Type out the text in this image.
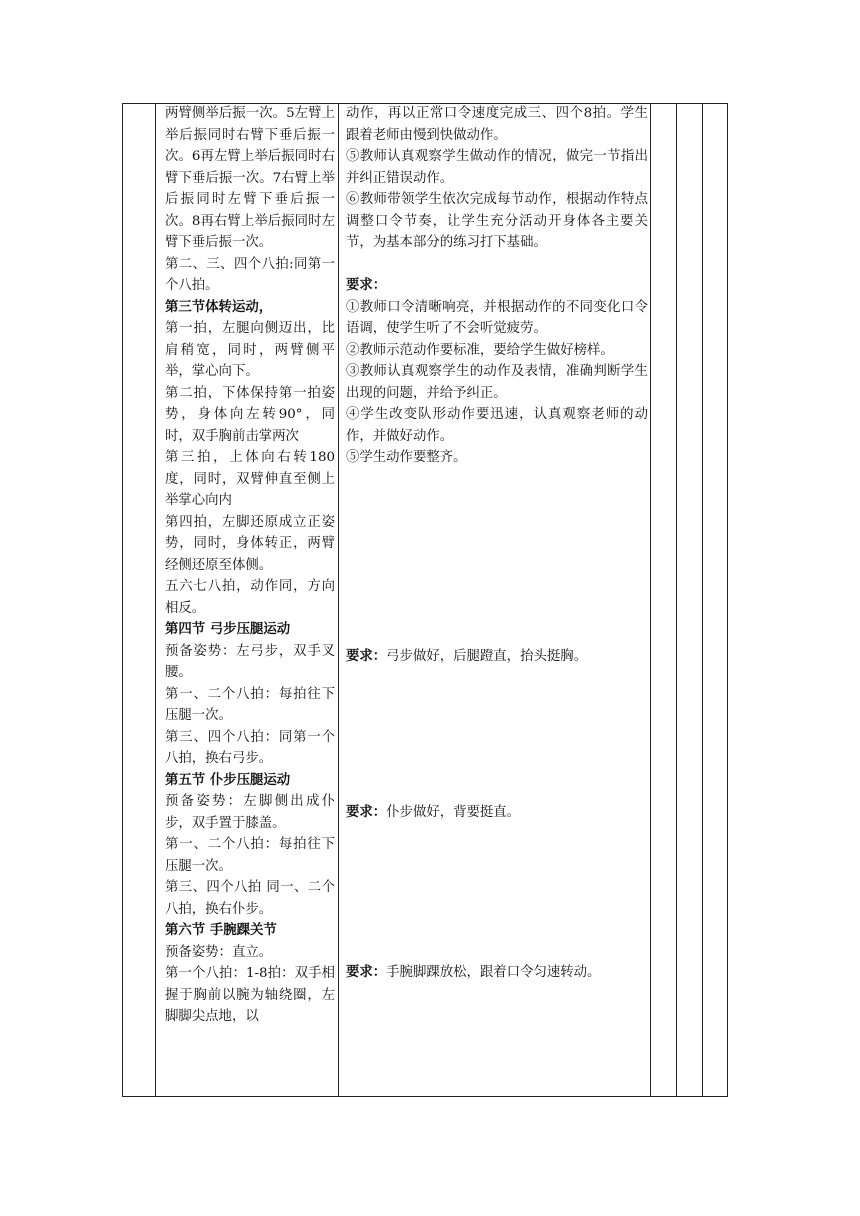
两臂侧举后振一次。5左臂上举后振同时右臂下垂后振一次。6再左臂上举后振同时右臂下垂后振一次。7右臂上举后振同时左臂下垂后振一次。8再右臂上举后振同时左臂下垂后振一次。

第二、三、四个八拍:同第一个八拍。

第三节体转运动，

第一拍，左腿向侧迈出，比肩稍宽，同时，两臂侧平举，掌心向下。

第二拍，下体保持第一拍姿势，身体向左转90°，同时，双手胸前击掌两次

第三拍，上体向右转180度，同时，双臂伸直至侧上举掌心向内

第四拍，左脚还原成立正姿势，同时，身体转正，两臂经侧还原至体侧。

五六七八拍，动作同，方向相反。

第四节 弓步压腿运动

预备姿势：左弓步，双手叉腰。

第一、二个八拍：每拍往下压腿一次。

第三、四个八拍：同第一个八拍，换右弓步。

第五节 仆步压腿运动

预备姿势：左脚侧出成仆步，双手置于膝盖。

第一、二个八拍：每拍往下压腿一次。

第三、四个八拍 同一、二个八拍，换右仆步。

第六节 手腕踝关节

预备姿势：直立。

第一个八拍：1-8拍：双手相握于胸前以腕为轴绕圈，左脚脚尖点地，以

动作，再以正常口令速度完成三、四个8拍。学生跟着老师由慢到快做动作。

⑤教师认真观察学生做动作的情况，做完一节指出并纠正错误动作。

⑥教师带领学生依次完成每节动作，根据动作特点调整口令节奏，让学生充分活动开身体各主要关节，为基本部分的练习打下基础。

要求：

①教师口令清晰响亮，并根据动作的不同变化口令语调，使学生听了不会听觉疲劳。

②教师示范动作要标准，要给学生做好榜样。

③教师认真观察学生的动作及表情，准确判断学生出现的问题，并给予纠正。

④学生改变队形动作要迅速，认真观察老师的动作，并做好动作。

⑤学生动作要整齐。

要求：弓步做好，后腿蹬直，抬头挺胸。

要求：仆步做好，背要挺直。

要求：手腕脚踝放松，跟着口令匀速转动。
